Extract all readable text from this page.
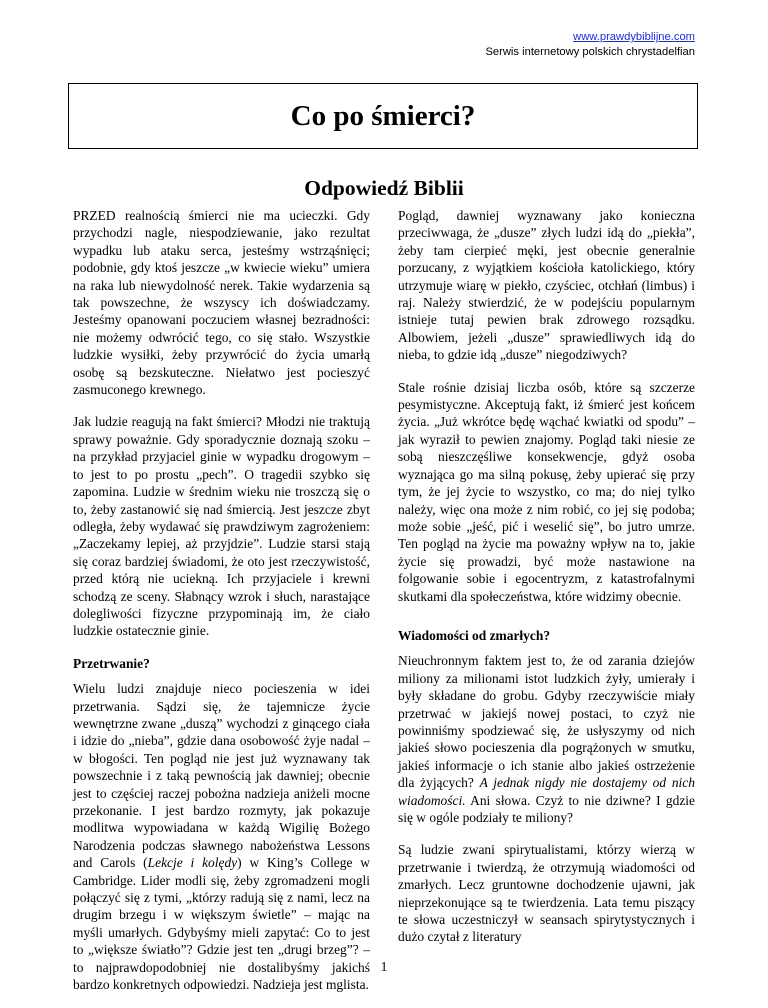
www.prawdybiblijne.com
Serwis internetowy polskich chrystadelfian
Co po śmierci?
Odpowiedź Biblii

PRZED realnością śmierci nie ma ucieczki. Gdy przychodzi nagle, niespodziewanie, jako rezultat wypadku lub ataku serca, jesteśmy wstrząśnięci; podobnie, gdy ktoś jeszcze „w kwiecie wieku” umiera na raka lub niewydolność nerek. Takie wydarzenia są tak powszechne, że wszyscy ich doświadczamy. Jesteśmy opanowani poczuciem własnej bezradności: nie możemy odwrócić tego, co się stało. Wszystkie ludzkie wysiłki, żeby przywrócić do życia umarłą osobę są bezskuteczne. Niełatwo jest pocieszyć zasmuconego krewnego.

Jak ludzie reagują na fakt śmierci? Młodzi nie traktują sprawy poważnie. Gdy sporadycznie doznają szoku – na przykład przyjaciel ginie w wypadku drogowym – to jest to po prostu „pech”. O tragedii szybko się zapomina. Ludzie w średnim wieku nie troszczą się o to, żeby zastanowić się nad śmiercią. Jest jeszcze zbyt odległa, żeby wydawać się prawdziwym zagrożeniem: „Zaczekamy lepiej, aż przyjdzie”. Ludzie starsi stają się coraz bardziej świadomi, że oto jest rzeczywistość, przed którą nie uciekną. Ich przyjaciele i krewni schodzą ze sceny. Słabnący wzrok i słuch, narastające dolegliwości fizyczne przypominają im, że ciało ludzkie ostatecznie ginie.

Przetrwanie?

Wielu ludzi znajduje nieco pocieszenia w idei przetrwania. Sądzi się, że tajemnicze życie wewnętrzne zwane „duszą” wychodzi z ginącego ciała i idzie do „nieba”, gdzie dana osobowość żyje nadal – w błogości. Ten pogląd nie jest już wyznawany tak powszechnie i z taką pewnością jak dawniej; obecnie jest to częściej raczej pobożna nadzieja aniżeli mocne przekonanie. I jest bardzo rozmyty, jak pokazuje modlitwa wypowiadana w każdą Wigilię Bożego Narodzenia podczas sławnego nabożeństwa Lessons and Carols (Lekcje i kolędy) w King’s College w Cambridge. Lider modli się, żeby zgromadzeni mogli połączyć się z tymi, „którzy radują się z nami, lecz na drugim brzegu i w większym świetle” – mając na myśli umarłych. Gdybyśmy mieli zapytać: Co to jest to „większe światło”? Gdzie jest ten „drugi brzeg”? – to najprawdopodobniej nie dostalibyśmy jakichś bardzo konkretnych odpowiedzi. Nadzieja jest mglista.

Pogląd, dawniej wyznawany jako konieczna przeciwwaga, że „dusze” złych ludzi idą do „piekła”, żeby tam cierpieć męki, jest obecnie generalnie porzucany, z wyjątkiem kościoła katolickiego, który utrzymuje wiarę w piekło, czyściec, otchłań (limbus) i raj. Należy stwierdzić, że w podejściu popularnym istnieje tutaj pewien brak zdrowego rozsądku. Albowiem, jeżeli „dusze” sprawiedliwych idą do nieba, to gdzie idą „dusze” niegodziwych?

Stale rośnie dzisiaj liczba osób, które są szczerze pesymistyczne. Akceptują fakt, iż śmierć jest końcem życia. „Już wkrótce będę wąchać kwiatki od spodu” – jak wyraził to pewien znajomy. Pogląd taki niesie ze sobą nieszczęśliwe konsekwencje, gdyż osoba wyznająca go ma silną pokusę, żeby upierać się przy tym, że jej życie to wszystko, co ma; do niej tylko należy, więc ona może z nim robić, co jej się podoba; może sobie „jeść, pić i weselić się”, bo jutro umrze. Ten pogląd na życie ma poważny wpływ na to, jakie życie się prowadzi, być może nastawione na folgowanie sobie i egocentryzm, z katastrofalnymi skutkami dla społeczeństwa, które widzimy obecnie.

Wiadomości od zmarłych?

Nieuchronnym faktem jest to, że od zarania dziejów miliony za milionami istot ludzkich żyły, umierały i były składane do grobu. Gdyby rzeczywiście miały przetrwać w jakiejś nowej postaci, to czyż nie powinniśmy spodziewać się, że usłyszymy od nich jakieś słowo pocieszenia dla pogrążonych w smutku, jakieś informacje o ich stanie albo jakieś ostrzeżenie dla żyjących? A jednak nigdy nie dostajemy od nich wiadomości. Ani słowa. Czyż to nie dziwne? I gdzie się w ogóle podziały te miliony?

Są ludzie zwani spirytualistami, którzy wierzą w przetrwanie i twierdzą, że otrzymują wiadomości od zmarłych. Lecz gruntowne dochodzenie ujawni, jak nieprzekonujące są te twierdzenia. Lata temu piszący te słowa uczestniczył w seansach spirytystycznych i dużo czytał z literatury

1
